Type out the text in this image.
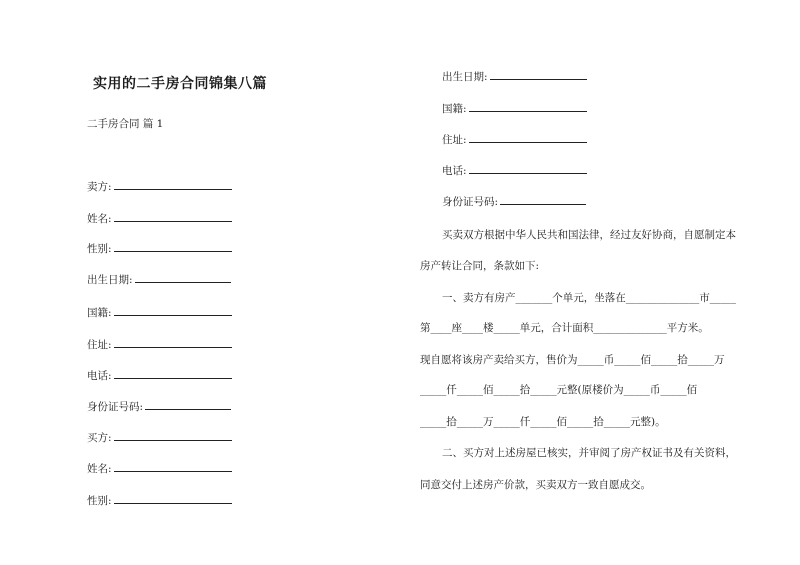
实用的二手房合同锦集八篇
二手房合同 篇 1
卖方:
姓名:
性别:
出生日期:
国籍:
住址:
电话:
身份证号码:
买方:
姓名:
性别:
出生日期:
国籍:
住址:
电话:
身份证号码:
买卖双方根据中华人民共和国法律，经过友好协商，自愿制定本
房产转让合同，条款如下:
一、卖方有房产_______个单元，坐落在______________市_____
第____座____楼_____单元，合计面积______________平方米。
现自愿将该房产卖给买方，售价为_____币_____佰_____拾_____万
_____仟_____佰_____拾_____元整(原楼价为_____币_____佰
_____拾_____万_____仟_____佰_____拾_____元整)。
二、买方对上述房屋已核实，并审阅了房产权证书及有关资料，
同意交付上述房产价款，买卖双方一致自愿成交。
